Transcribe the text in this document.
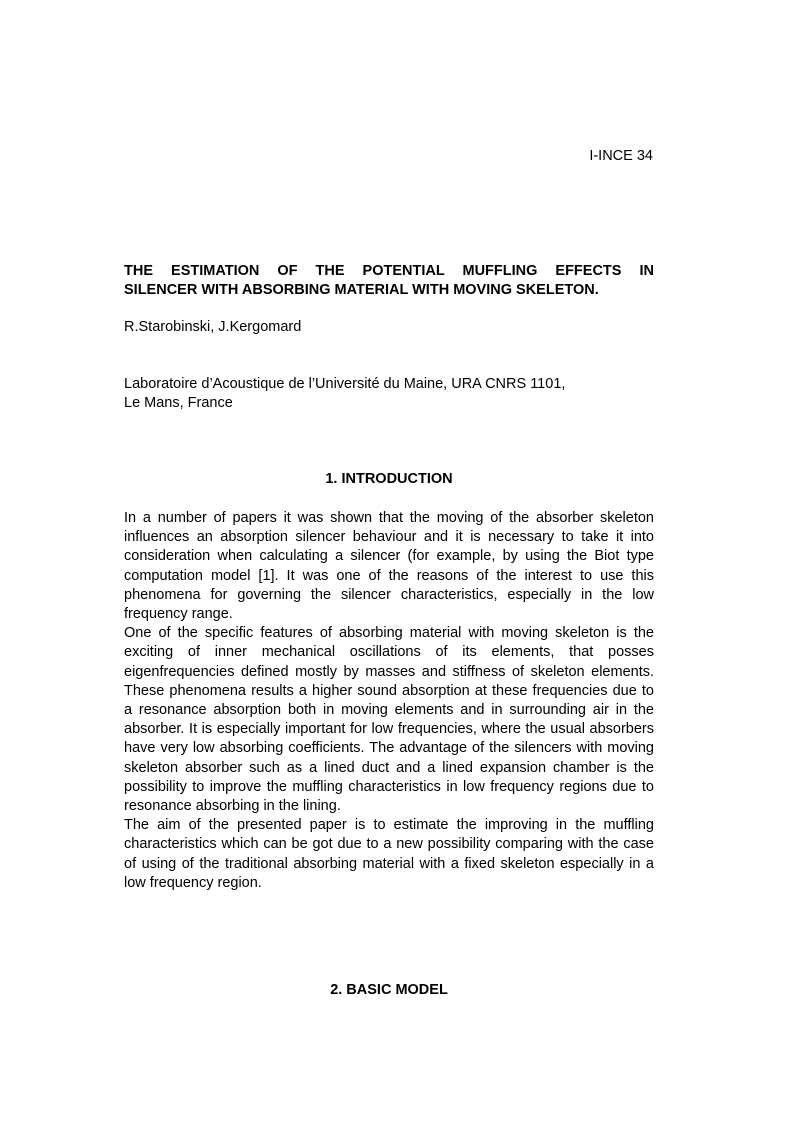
I-INCE 34
THE ESTIMATION OF THE POTENTIAL MUFFLING EFFECTS IN
SILENCER WITH ABSORBING MATERIAL WITH MOVING SKELETON.
R.Starobinski, J.Kergomard
Laboratoire d’Acoustique de l’Université du Maine, URA CNRS 1101,
Le Mans, France
1. INTRODUCTION

In a number of papers it was shown that the moving of the absorber skeleton influences an absorption silencer behaviour and it is necessary to take it into consideration when calculating a silencer (for example, by using the Biot type computation model [1]. It was one of the reasons of the interest to use this phenomena for governing the silencer characteristics, especially in the low frequency range.

One of the specific features of absorbing material with moving skeleton is the exciting of inner mechanical oscillations of its elements, that posses eigenfrequencies defined mostly by masses and stiffness of skeleton elements. These phenomena results a higher sound absorption at these frequencies due to a resonance absorption both in moving elements and in surrounding air in the absorber. It is especially important for low frequencies, where the usual absorbers have very low absorbing coefficients. The advantage of the silencers with moving skeleton absorber such as a lined duct and a lined expansion chamber is the possibility to improve the muffling characteristics in low frequency regions due to resonance absorbing in the lining.

The aim of the presented paper is to estimate the improving in the muffling characteristics which can be got due to a new possibility comparing with the case of using of the traditional absorbing material with a fixed skeleton especially in a low frequency region.

2. BASIC MODEL
